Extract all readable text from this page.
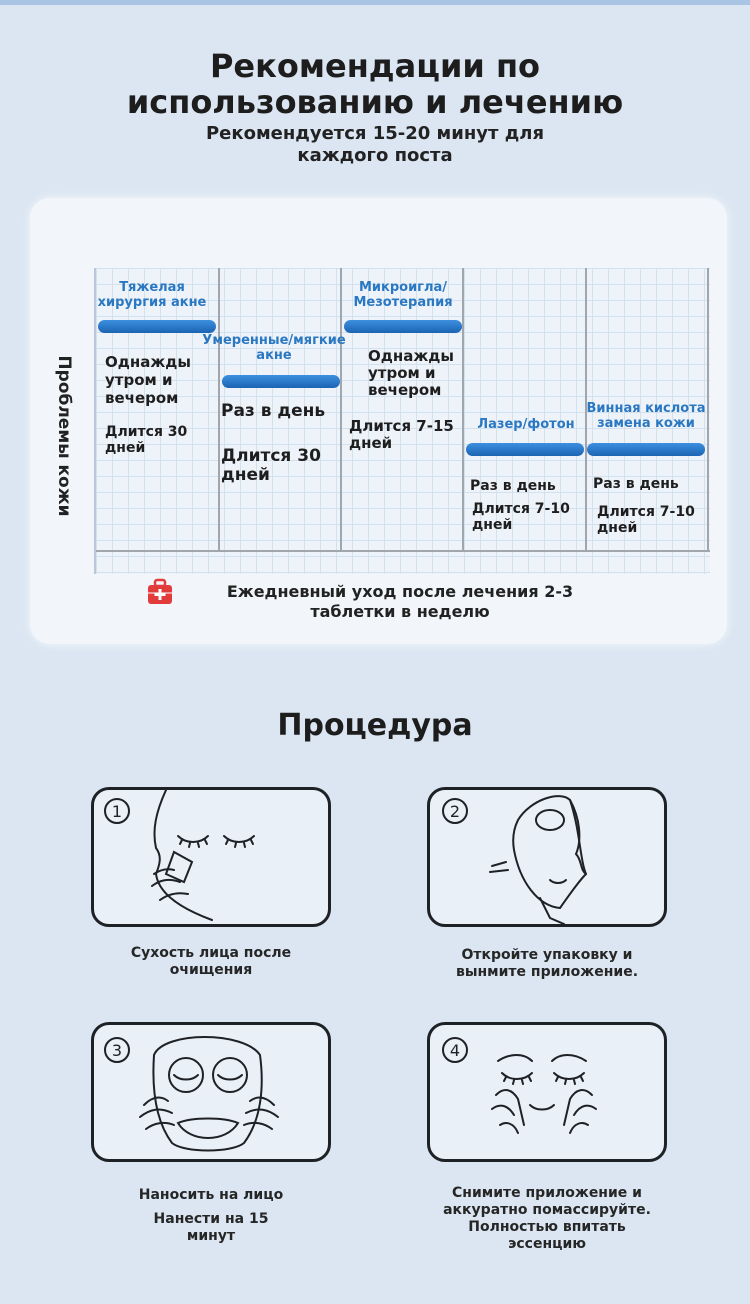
Рекомендации по
использованию и лечению
Рекомендуется 15-20 минут для
каждого поста
Проблемы кожи
Тяжелая
хирургия акне
Однажды
утром и
вечером
Длится 30
дней
Умеренные/мягкие
акне
Раз в день
Длится 30
дней
Микроигла/
Мезотерапия
Однажды
утром и
вечером
Длится 7-15
дней
Лазер/фотон
Раз в день
Длится 7-10
дней
Винная кислота
замена кожи
Раз в день
Длится 7-10
дней
Ежедневный уход после лечения 2-3
таблетки в неделю
Процедура
1
Сухость лица после
очищения
2
Откройте упаковку и
вынмите приложение.
3
Наносить на лицо
Нанести на 15
минут
4
Снимите приложение и
аккуратно помассируйте.
Полностью впитать
эссенцию
